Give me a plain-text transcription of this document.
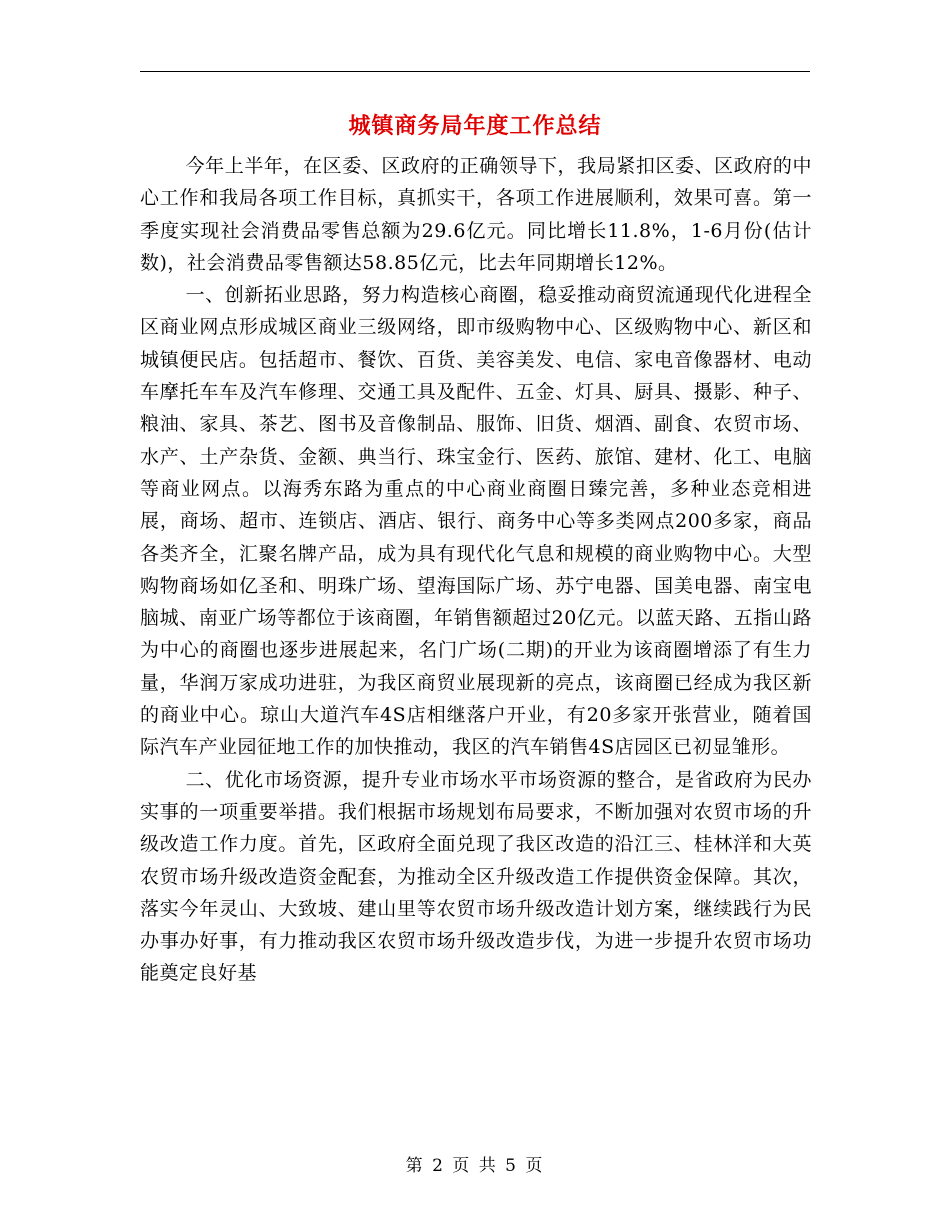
城镇商务局年度工作总结

今年上半年，在区委、区政府的正确领导下，我局紧扣区委、区政府的中心工作和我局各项工作目标，真抓实干，各项工作进展顺利，效果可喜。第一季度实现社会消费品零售总额为29.6亿元。同比增长11.8%，1-6月份(估计数)，社会消费品零售额达58.85亿元，比去年同期增长12%。

一、创新拓业思路，努力构造核心商圈，稳妥推动商贸流通现代化进程全区商业网点形成城区商业三级网络，即市级购物中心、区级购物中心、新区和城镇便民店。包括超市、餐饮、百货、美容美发、电信、家电音像器材、电动车摩托车车及汽车修理、交通工具及配件、五金、灯具、厨具、摄影、种子、粮油、家具、茶艺、图书及音像制品、服饰、旧货、烟酒、副食、农贸市场、水产、土产杂货、金额、典当行、珠宝金行、医药、旅馆、建材、化工、电脑等商业网点。以海秀东路为重点的中心商业商圈日臻完善，多种业态竞相进展，商场、超市、连锁店、酒店、银行、商务中心等多类网点200多家，商品各类齐全，汇聚名牌产品，成为具有现代化气息和规模的商业购物中心。大型购物商场如亿圣和、明珠广场、望海国际广场、苏宁电器、国美电器、南宝电脑城、南亚广场等都位于该商圈，年销售额超过20亿元。以蓝天路、五指山路为中心的商圈也逐步进展起来，名门广场(二期)的开业为该商圈增添了有生力量，华润万家成功进驻，为我区商贸业展现新的亮点，该商圈已经成为我区新的商业中心。琼山大道汽车4S店相继落户开业，有20多家开张营业，随着国际汽车产业园征地工作的加快推动，我区的汽车销售4S店园区已初显雏形。

二、优化市场资源，提升专业市场水平市场资源的整合，是省政府为民办实事的一项重要举措。我们根据市场规划布局要求，不断加强对农贸市场的升级改造工作力度。首先，区政府全面兑现了我区改造的沿江三、桂林洋和大英农贸市场升级改造资金配套，为推动全区升级改造工作提供资金保障。其次，落实今年灵山、大致坡、建山里等农贸市场升级改造计划方案，继续践行为民办事办好事，有力推动我区农贸市场升级改造步伐，为进一步提升农贸市场功能奠定良好基

第 2 页 共 5 页
